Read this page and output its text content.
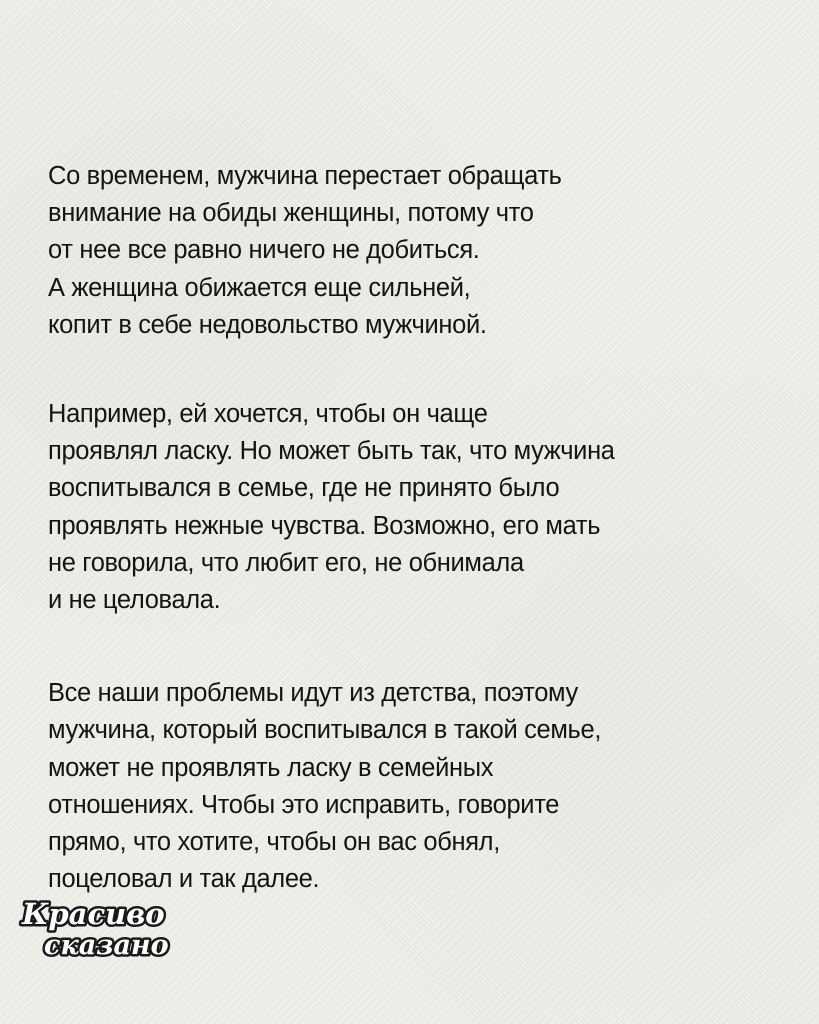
Со временем, мужчина перестает обращать
внимание на обиды женщины, потому что
от нее все равно ничего не добиться.
А женщина обижается еще сильней,
копит в себе недовольство мужчиной.

Например, ей хочется, чтобы он чаще
проявлял ласку. Но может быть так, что мужчина
воспитывался в семье, где не принято было
проявлять нежные чувства. Возможно, его мать
не говорила, что любит его, не обнимала
и не целовала.

Все наши проблемы идут из детства, поэтому
мужчина, который воспитывался в такой семье,
может не проявлять ласку в семейных
отношениях. Чтобы это исправить, говорите
прямо, что хотите, чтобы он вас обнял,
поцеловал и так далее.

Красиво
сказано
